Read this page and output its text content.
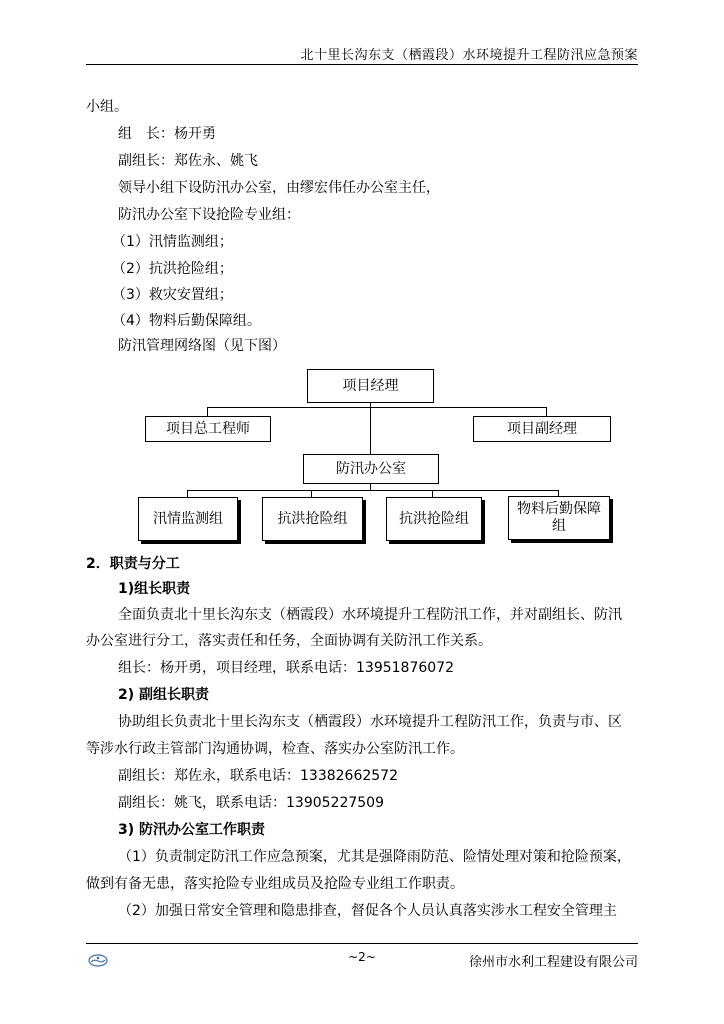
北十里长沟东支（栖霞段）水环境提升工程防汛应急预案
小组。
组　长：杨开勇
副组长：郑佐永、姚飞
领导小组下设防汛办公室，由缪宏伟任办公室主任，
防汛办公室下设抢险专业组：
（1）汛情监测组；
（2）抗洪抢险组；
（3）救灾安置组；
（4）物料后勤保障组。
防汛管理网络图（见下图）
项目经理
项目总工程师	项目副经理
防汛办公室
汛情监测组	抗洪抢险组	抗洪抢险组
物料后勤保障组
2．职责与分工
1)组长职责
全面负责北十里长沟东支（栖霞段）水环境提升工程防汛工作，并对副组长、防汛
办公室进行分工，落实责任和任务，全面协调有关防汛工作关系。
组长：杨开勇，项目经理，联系电话：13951876072
2) 副组长职责
协助组长负责北十里长沟东支（栖霞段）水环境提升工程防汛工作，负责与市、区
等涉水行政主管部门沟通协调，检查、落实办公室防汛工作。
副组长：郑佐永，联系电话：13382662572
副组长：姚飞，联系电话：13905227509
3) 防汛办公室工作职责
（1）负责制定防汛工作应急预案，尤其是强降雨防范、险情处理对策和抢险预案，
做到有备无患，落实抢险专业组成员及抢险专业组工作职责。
（2）加强日常安全管理和隐患排查，督促各个人员认真落实涉水工程安全管理主
~2~	徐州市水利工程建设有限公司
